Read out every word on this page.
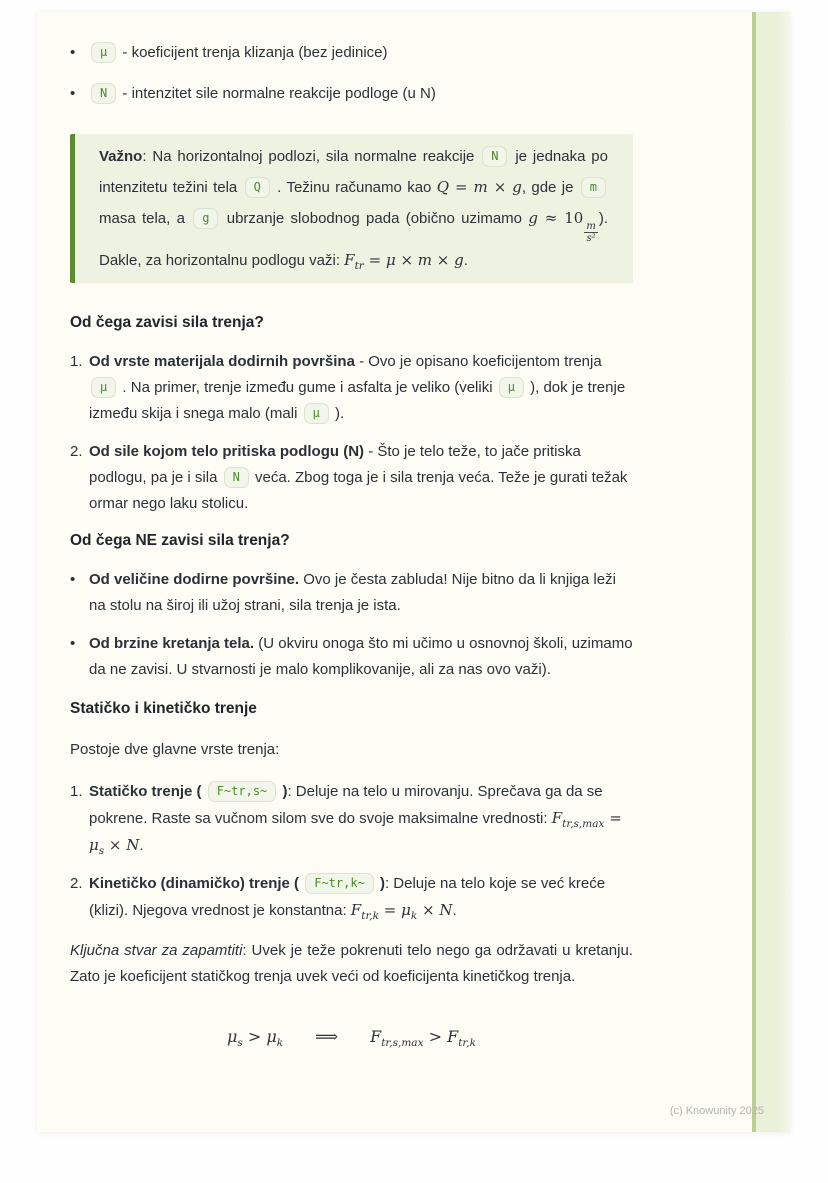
•	μ - koeficijent trenja klizanja (bez jedinice)
•	N - intenzitet sile normalne reakcije podloge (u N)
Važno: Na horizontalnoj podlozi, sila normalne reakcije N je jednaka po intenzitetu težini tela Q . Težinu računamo kao Q = m × g, gde je m masa tela, a g ubrzanje slobodnog pada (obično uzimamo g ≈ 10
$\frac{m}{\text{s²}}$
). Dakle, za horizontalnu podlogu važi: $F_{tr} = \mu \times m \times g$.
Od čega zavisi sila trenja?
1. Od vrste materijala dodirnih površina - Ovo je opisano koeficijentom trenja μ . Na primer, trenje između gume i asfalta je veliko (veliki μ ), dok je trenje između skija i snega malo (mali μ ).
2. Od sile kojom telo pritiska podlogu (N) - Što je telo teže, to jače pritiska podlogu, pa je i sila N veća. Zbog toga je i sila trenja veća. Teže je gurati težak ormar nego laku stolicu.
Od čega NE zavisi sila trenja?
• Od veličine dodirne površine. Ovo je česta zabluda! Nije bitno da li knjiga leži na stolu na široj ili užoj strani, sila trenja je ista.
• Od brzine kretanja tela. (U okviru onoga što mi učimo u osnovnoj školi, uzimamo da ne zavisi. U stvarnosti je malo komplikovanije, ali za nas ovo važi).
Statičko i kinetičko trenje

Postoje dve glavne vrste trenja:

1. Statičko trenje ( F~tr,s~ ): Deluje na telo u mirovanju. Sprečava ga da se pokrene. Raste sa vučnom silom sve do svoje maksimalne vrednosti: $F_{tr,s,max} = \mu_s \times N$.
2. Kinetičko (dinamičko) trenje ( F~tr,k~ ): Deluje na telo koje se već kreće (klizi). Njegova vrednost je konstantna: $F_{tr,k} = \mu_k \times N$.

Ključna stvar za zapamtiti: Uvek je teže pokrenuti telo nego ga održavati u kretanju. Zato je koeficijent statičkog trenja uvek veći od koeficijenta kinetičkog trenja.

$\mu_s > \mu_k$  ⟹  $F_{tr,s,max} > F_{tr,k}$
(c) Knowunity 2025
